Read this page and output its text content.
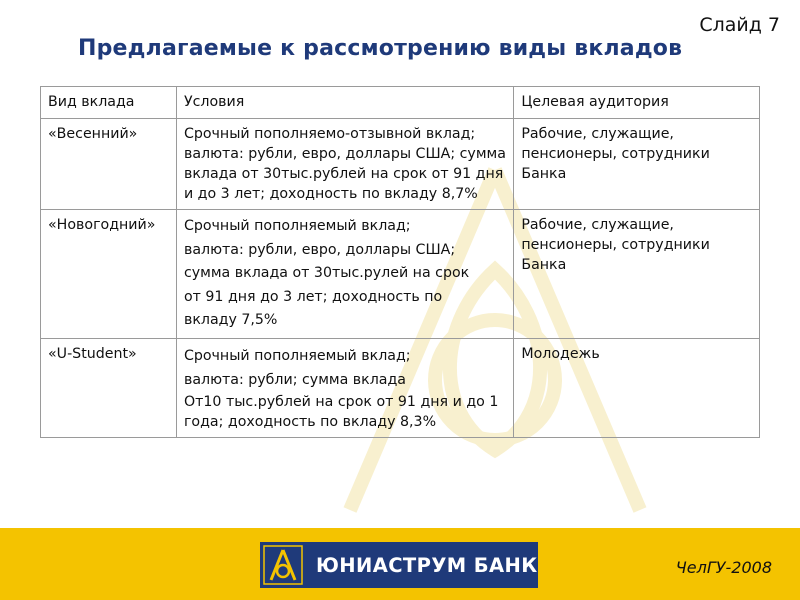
Слайд 7
Предлагаемые к рассмотрению виды вкладов
Вид вклада	Условия	Целевая аудитория
«Весенний»	Срочный пополняемо-отзывной вклад; валюта: рубли, евро, доллары США; сумма вклада от 30тыс.рублей на срок от 91 дня и до 3 лет; доходность по вкладу 8,7%	Рабочие, служащие, пенсионеры, сотрудники Банка
«Новогодний»	Срочный пополняемый вклад;
валюта: рубли, евро, доллары США;
сумма вклада от 30тыс.рулей на срок
от 91 дня до 3 лет; доходность по
вкладу 7,5%	Рабочие, служащие, пенсионеры, сотрудники Банка
«U-Student»	Срочный пополняемый вклад;
валюта: рубли; сумма вклада
От10 тыс.рублей на срок от 91 дня и до 1 года; доходность по вкладу 8,3%	Молодежь
ЮНИАСТРУМ БАНК	ЧелГУ-2008
